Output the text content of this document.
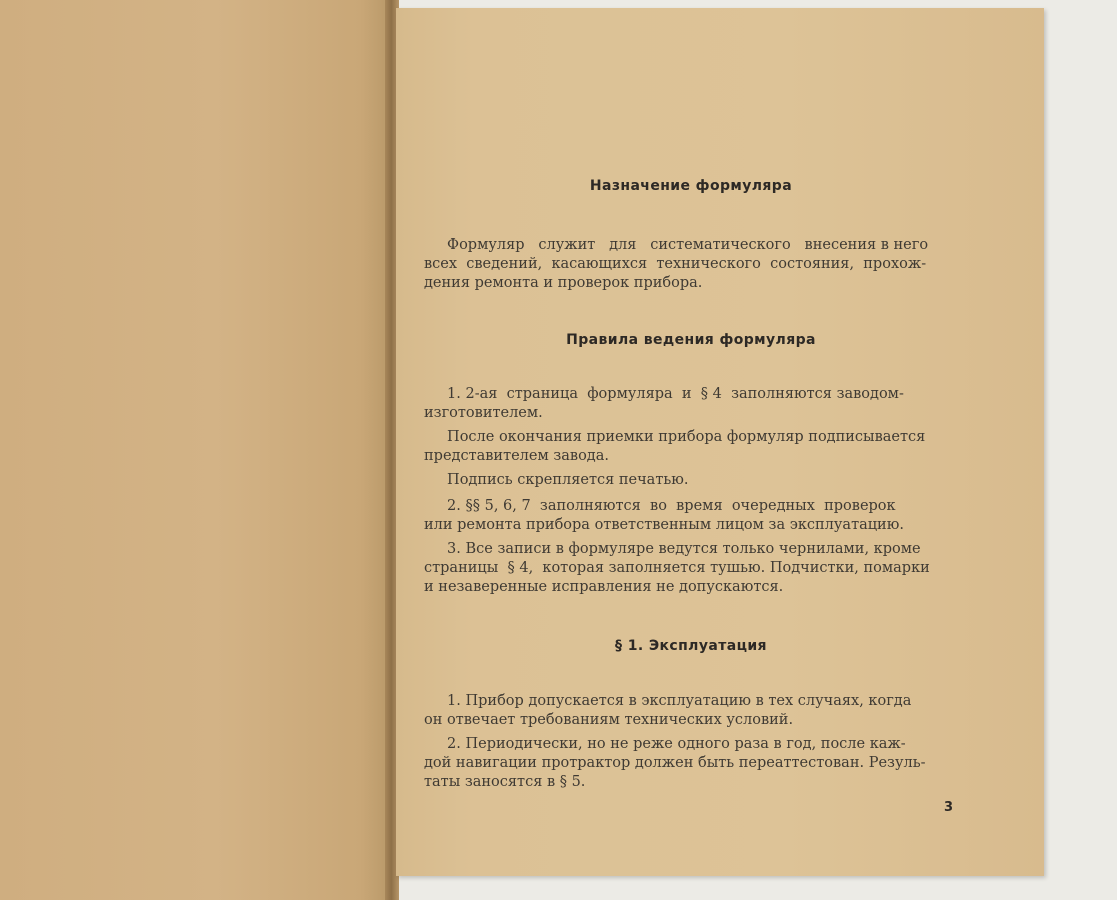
Назначение формуляра
Формуляр   служит   для   систематического   внесения в него
всех  сведений,  касающихся  технического  состояния,  прохож-
дения ремонта и проверок прибора.
Правила ведения формуляра
1. 2-ая  страница  формуляра  и  § 4  заполняются заводом-
изготовителем.
После окончания приемки прибора формуляр подписывается
представителем завода.
Подпись скрепляется печатью.
2. §§ 5, 6, 7  заполняются  во  время  очередных  проверок
или ремонта прибора ответственным лицом за эксплуатацию.
3. Все записи в формуляре ведутся только чернилами, кроме
страницы  § 4,  которая заполняется тушью. Подчистки, помарки
и незаверенные исправления не допускаются.
§ 1. Эксплуатация
1. Прибор допускается в эксплуатацию в тех случаях, когда
он отвечает требованиям технических условий.
2. Периодически, но не реже одного раза в год, после каж-
дой навигации протрактор должен быть переаттестован. Резуль-
таты заносятся в § 5.
3
